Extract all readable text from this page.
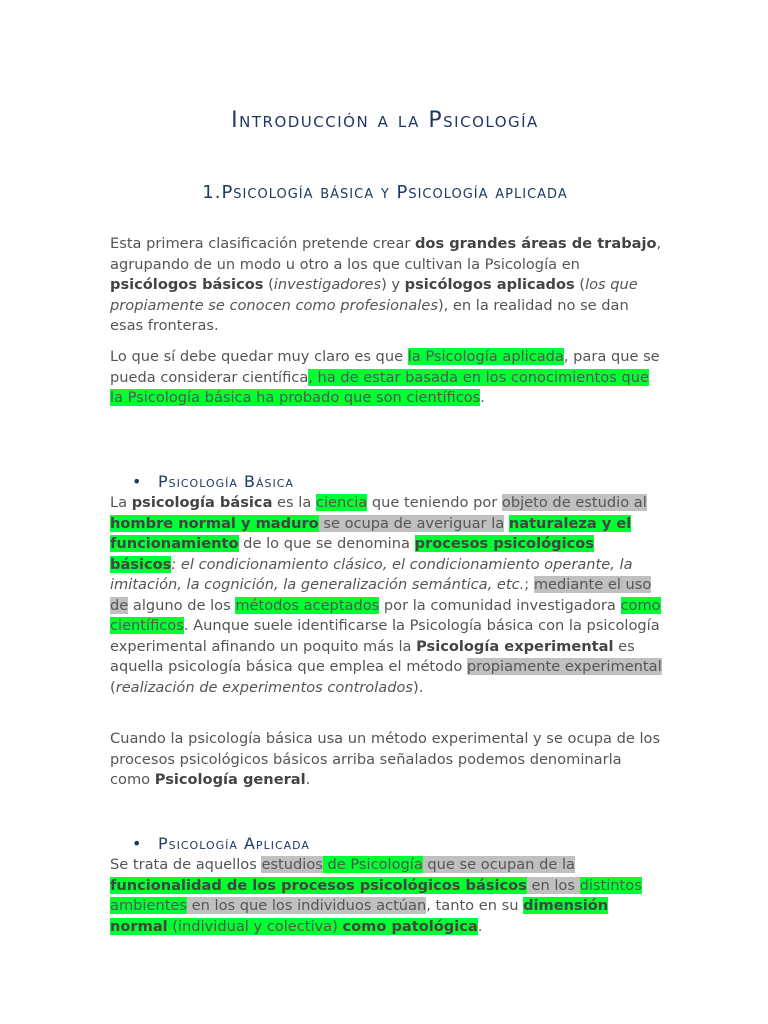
Introducción a la Psicología
1.Psicología básica y Psicología aplicada

Esta primera clasificación pretende crear dos grandes áreas de trabajo, agrupando de un modo u otro a los que cultivan la Psicología en psicólogos básicos (investigadores) y psicólogos aplicados (los que propiamente se conocen como profesionales), en la realidad no se dan esas fronteras.

Lo que sí debe quedar muy claro es que la Psicología aplicada, para que se pueda considerar científica, ha de estar basada en los conocimientos que la Psicología básica ha probado que son científicos.

• Psicología Básica

La psicología básica es la ciencia que teniendo por objeto de estudio al hombre normal y maduro se ocupa de averiguar la naturaleza y el funcionamiento de lo que se denomina procesos psicológicos básicos: el condicionamiento clásico, el condicionamiento operante, la imitación, la cognición, la generalización semántica, etc.; mediante el uso de alguno de los métodos aceptados por la comunidad investigadora como científicos. Aunque suele identificarse la Psicología básica con la psicología experimental afinando un poquito más la Psicología experimental es aquella psicología básica que emplea el método propiamente experimental (realización de experimentos controlados).

Cuando la psicología básica usa un método experimental y se ocupa de los procesos psicológicos básicos arriba señalados podemos denominarla como Psicología general.

• Psicología Aplicada

Se trata de aquellos estudios de Psicología que se ocupan de la funcionalidad de los procesos psicológicos básicos en los distintos ambientes en los que los individuos actúan, tanto en su dimensión normal (individual y colectiva) como patológica.
